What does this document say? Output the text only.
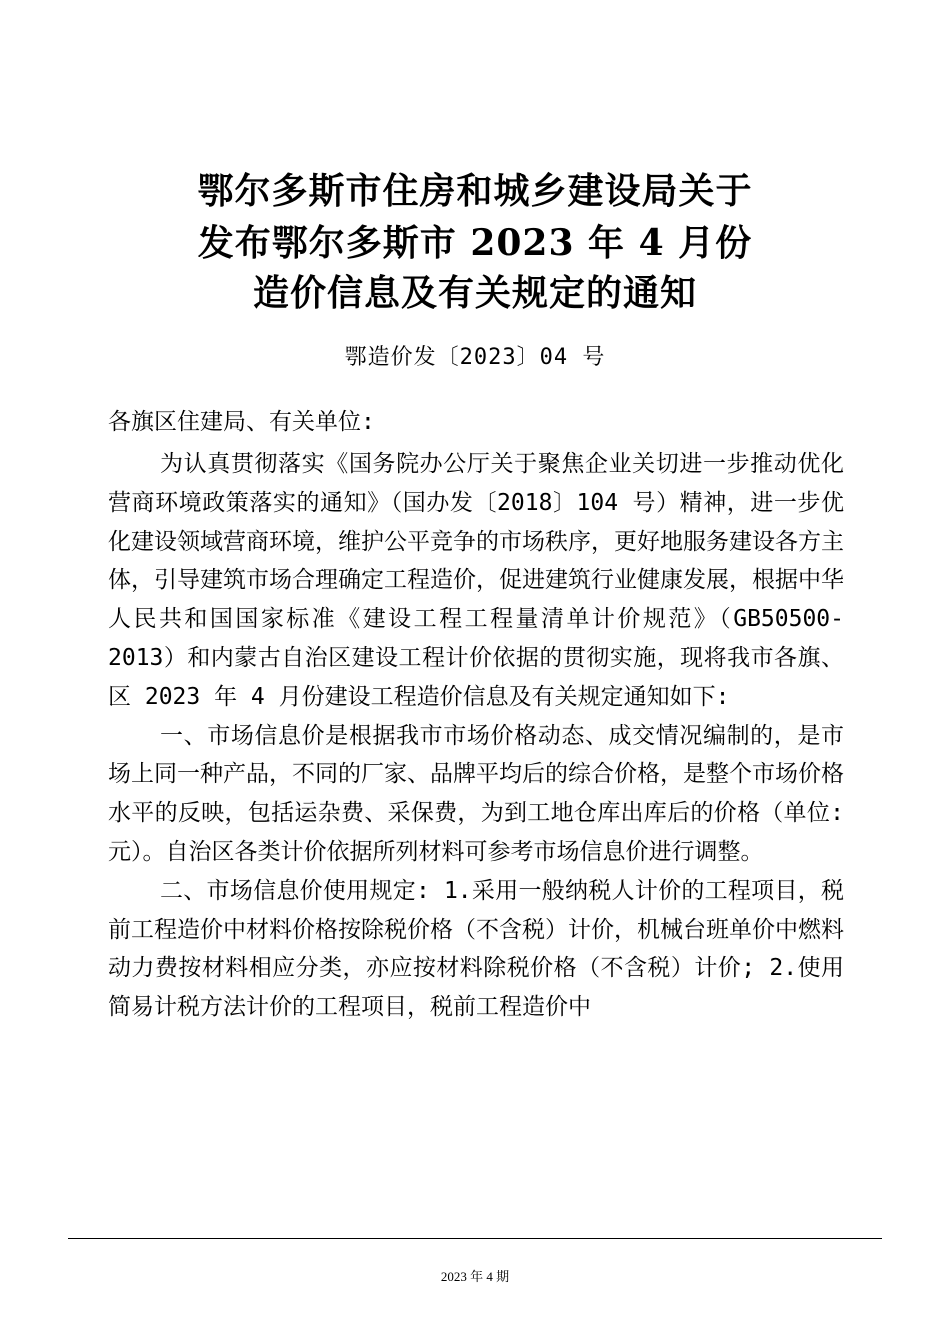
鄂尔多斯市住房和城乡建设局关于
发布鄂尔多斯市 2023 年 4 月份
造价信息及有关规定的通知
鄂造价发〔2023〕04 号
各旗区住建局、有关单位:

为认真贯彻落实《国务院办公厅关于聚焦企业关切进一步推动优化营商环境政策落实的通知》（国办发〔2018〕104 号）精神，进一步优化建设领域营商环境，维护公平竞争的市场秩序，更好地服务建设各方主体，引导建筑市场合理确定工程造价，促进建筑行业健康发展，根据中华人民共和国国家标准《建设工程工程量清单计价规范》（GB50500-2013）和内蒙古自治区建设工程计价依据的贯彻实施，现将我市各旗、区 2023 年 4 月份建设工程造价信息及有关规定通知如下:

一、市场信息价是根据我市市场价格动态、成交情况编制的，是市场上同一种产品，不同的厂家、品牌平均后的综合价格，是整个市场价格水平的反映，包括运杂费、采保费，为到工地仓库出库后的价格（单位: 元）。自治区各类计价依据所列材料可参考市场信息价进行调整。

二、市场信息价使用规定: 1.采用一般纳税人计价的工程项目，税前工程造价中材料价格按除税价格（不含税）计价，机械台班单价中燃料动力费按材料相应分类，亦应按材料除税价格（不含税）计价; 2.使用简易计税方法计价的工程项目，税前工程造价中

2023 年 4 期
